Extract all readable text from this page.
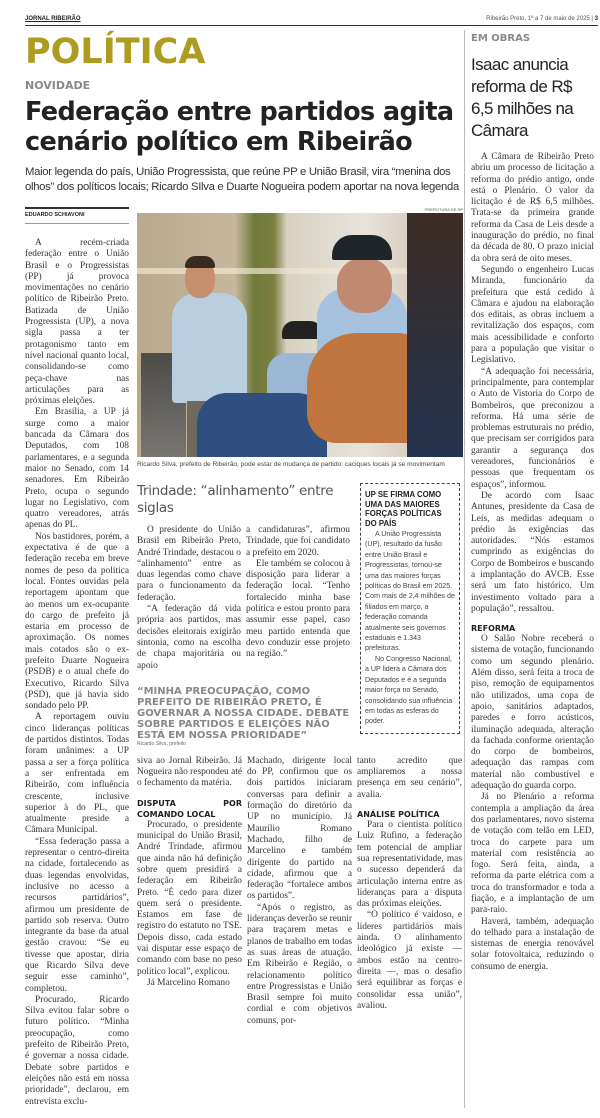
JORNAL RIBEIRÃO	Ribeirão Preto, 1º a 7 de maio de 2025 | 3
POLÍTICA
NOVIDADE
Federação entre partidos agita cenário político em Ribeirão
Maior legenda do país, União Progressista, que reúne PP e União Brasil, vira “menina dos olhos” dos políticos locais; Ricardo SIlva e Duarte Nogueira podem aportar na nova legenda
EDUARDO SCHIAVONI

A recém-criada federação entre o União Brasil e o Progressistas (PP) já provoca movimentações no cenário político de Ribeirão Preto. Batizada de União Progressista (UP), a nova sigla passa a ter protagonismo tanto em nível nacional quanto local, consolidando-se como peça-chave nas articulações para as próximas eleições.

Em Brasília, a UP já surge como a maior bancada da Câmara dos Deputados, com 108 parlamentares, e a segunda maior no Senado, com 14 senadores. Em Ribeirão Preto, ocupa o segundo lugar no Legislativo, com quatro vereadores, atrás apenas do PL.

Nos bastidores, porém, a expectativa é de que a federação receba em breve nomes de peso da política local. Fontes ouvidas pela reportagem apontam que ao menos um ex-ocupante do cargo de prefeito já estaria em processo de aproximação. Os nomes mais cotados são o ex-prefeito Duarte Nogueira (PSDB) e o atual chefe do Executivo, Ricardo Silva (PSD), que já havia sido sondado pelo PP.

A reportagem ouviu cinco lideranças políticas de partidos distintos. Todas foram unânimes: a UP passa a ser a força política a ser enfrentada em Ribeirão, com influência crescente, inclusive superior à do PL, que atualmente preside a Câmara Municipal.

“Essa federação passa a representar o centro-direita na cidade, fortalecendo as duas legendas envolvidas, inclusive no acesso a recursos partidários”, afirmou um presidente de partido sob reserva. Outro integrante da base da atual gestão cravou: “Se eu tivesse que apostar, diria que Ricardo Silva deve seguir esse caminho”, completou.

Procurado, Ricardo Silva evitou falar sobre o futuro político. “Minha preocupação, como prefeito de Ribeirão Preto, é governar a nossa cidade. Debate sobre partidos e eleições não está em nossa prioridade”, declarou, em entrevista exclu-

PREFEITURA DE RP
Ricardo Silva, prefeito de Ribeirão, pode estar de mudança de partido: caciques locais já se movimentam
Trindade: “alinhamento” entre siglas

O presidente do União Brasil em Ribeirão Preto, André Trindade, destacou o “alinhamento” entre as duas legendas como chave para o funcionamento da federação.

“A federação dá vida própria aos partidos, mas decisões eleitorais exigirão sintonia, como na escolha de chapa majoritária ou apoio

a candidaturas”, afirmou Trindade, que foi candidato a prefeito em 2020.

Ele também se colocou à disposição para liderar a federação local. “Tenho fortalecido minha base política e estou pronto para assumir esse papel, caso meu partido entenda que devo conduzir esse projeto na região.”

“MINHA PREOCUPAÇÃO, COMO PREFEITO DE RIBEIRÃO PRETO, É GOVERNAR A NOSSA CIDADE. DEBATE SOBRE PARTIDOS E ELEIÇÕES NÃO ESTÁ EM NOSSA PRIORIDADE”
Ricardo Silva, prefeito
UP SE FIRMA COMO UMA DAS MAIORES FORÇAS POLÍTICAS DO PAÍS

A União Progressista (UP), resultado da fusão entre União Brasil e Progressistas, tornou-se uma das maiores forças políticas do Brasil em 2025. Com mais de 2,4 milhões de filiados em março, a federação comanda atualmente seis governos estaduais e 1.343 prefeituras.

No Congresso Nacional, a UP lidera a Câmara dos Deputados e é a segunda maior força no Senado, consolidando sua influência em todas as esferas do poder.

siva ao Jornal Ribeirão. Já Nogueira não respondeu até o fechamento da matéria.

DISPUTA POR COMANDO LOCAL

Procurado, o presidente municipal do União Brasil, André Trindade, afirmou que ainda não há definição sobre quem presidirá a federação em Ribeirão Preto. “É cedo para dizer quem será o presidente. Estamos em fase de registro do estatuto no TSE. Depois disso, cada estado vai disputar esse espaço de comando com base no peso político local”, explicou.

Já Marcelino Romano

Machado, dirigente local do PP, confirmou que os dois partidos iniciaram conversas para definir a formação do diretório da UP no município. Já Maurílio Romano Machado, filho de Marcelino e também dirigente do partido na cidade, afirmou que a federação “fortalece ambos os partidos”.

“Após o registro, as lideranças deverão se reunir para traçarem metas e planos de trabalho em todas as suas áreas de atuação. Em Ribeirão e Região, o relacionamento político entre Progressistas e União Brasil sempre foi muito cordial e com objetivos comuns, por-

tanto acredito que ampliaremos a nossa presença em seu cenário”, avalia.

ANÁLISE POLÍTICA

Para o cientista político Luiz Rufino, a federação tem potencial de ampliar sua representatividade, mas o sucesso dependerá da articulação interna entre as lideranças para a disputa das próximas eleições.

“O político é vaidoso, e líderes partidários mais ainda. O alinhamento ideológico já existe — ambos estão na centro-direita —, mas o desafio será equilibrar as forças e consolidar essa união”, avaliou.

EM OBRAS
Isaac anuncia reforma de R$ 6,5 milhões na Câmara

A Câmara de Ribeirão Preto abriu um processo de licitação a reforma do prédio antigo, onde está o Plenário. O valor da licitação é de R$ 6,5 milhões. Trata-se da primeira grande reforma da Casa de Leis desde a inauguração do prédio, no final da década de 80. O prazo inicial da obra será de oito meses.

Segundo o engenheiro Lucas Miranda, funcionário da prefeitura que está cedido à Câmara e ajudou na elaboração dos editais, as obras incluem a revitalização dos espaços, com mais acessibilidade e conforto para a população que visitar o Legislativo.

“A adequação foi necessária, principalmente, para contemplar o Auto de Vistoria do Corpo de Bombeiros, que preconizou a reforma. Há uma série de problemas estruturais no prédio, que precisam ser corrigidos para garantir a segurança dos vereadores, funcionários e pessoas que frequentam os espaços”, informou.

De acordo com Isaac Antunes, presidente da Casa de Leis, as medidas adequam o prédio às exigências das autoridades. “Nós estamos cumprindo as exigências do Corpo de Bombeiros e buscando a implantação do AVCB. Esse será um fato histórico. Um investimento voltado para a população”, ressaltou.

REFORMA

O Salão Nobre receberá o sistema de votação, funcionando como um segundo plenário. Além disso, será feita a troca de piso, remoção de equipamentos não utilizados, uma copa de apoio, sanitários adaptados, paredes e forro acústicos, iluminação adequada, alteração da fachada conforme orientação do corpo de bombeiros, adequação das rampas com material não combustível e adequação do guarda corpo.

Já no Plenário a reforma contempla a ampliação da área dos parlamentares, novo sistema de votação com telão em LED, troca do carpete para um material com resistência ao fogo. Será feita, ainda, a reforma da parte elétrica com a troca do transformador e toda a fiação, e a implantação de um para-raio.

Haverá, também, adequação do telhado para a instalação de sistemas de energia renovável solar fotovoltaica, reduzindo o consumo de energia.
